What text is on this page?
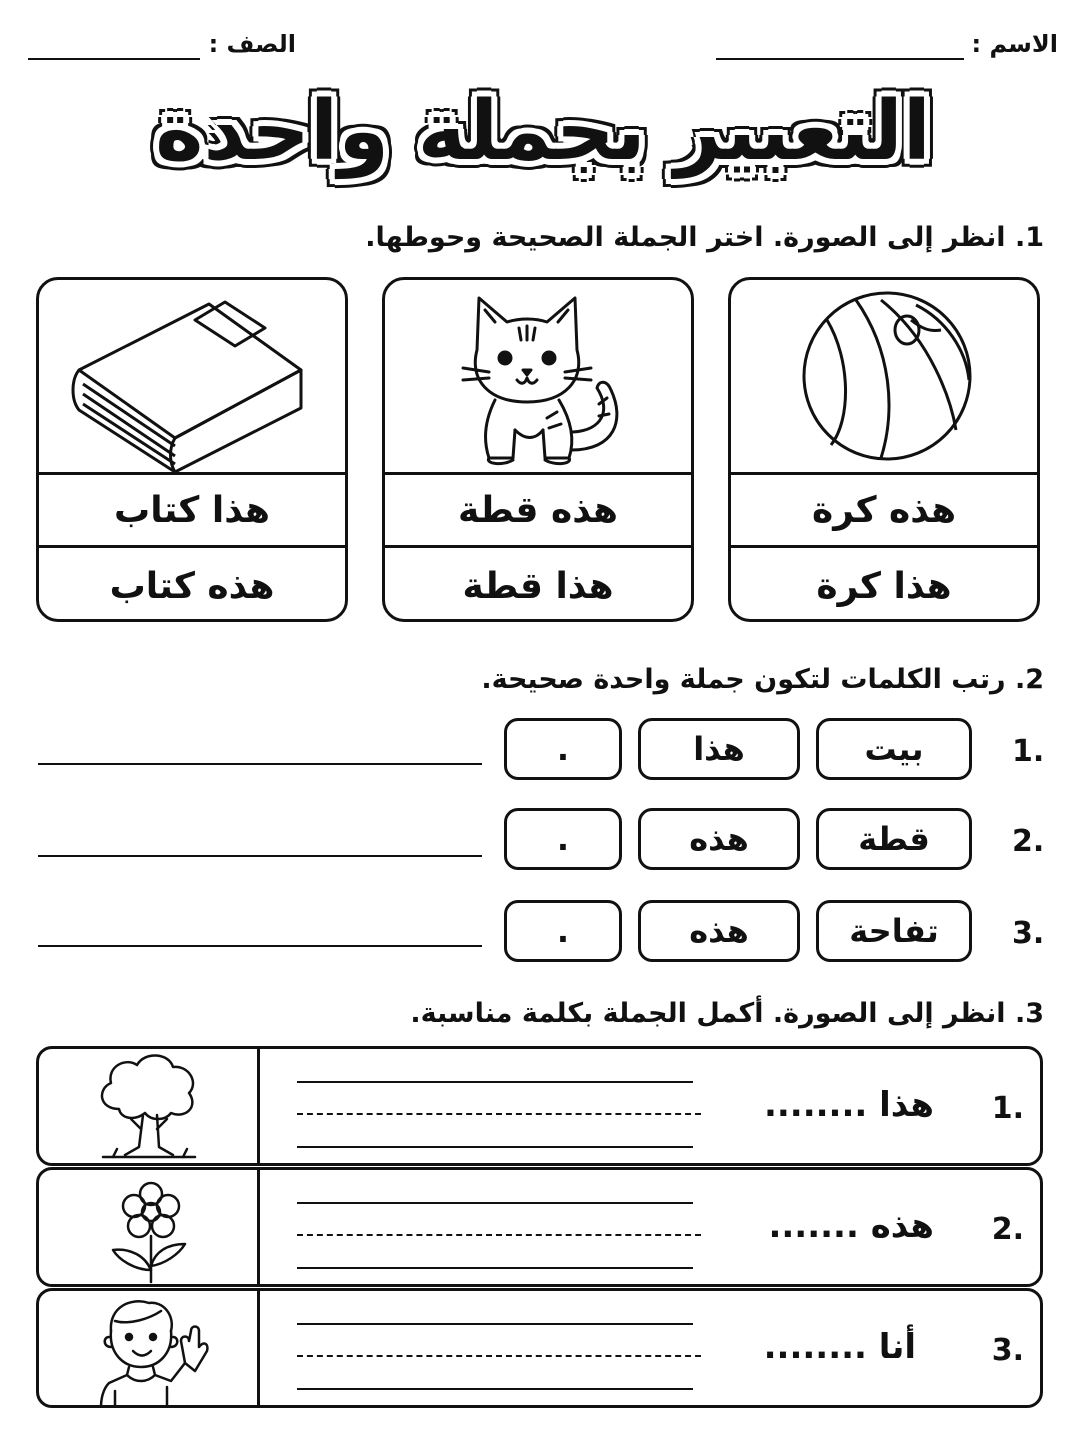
الاسم :
الصف :
التعبير بجملة واحدة
1. انظر إلى الصورة. اختر الجملة الصحيحة وحوطها.
هذه كرة
هذا كرة
هذه قطة
هذا قطة
هذا كتاب
هذه كتاب
2. رتب الكلمات لتكون جملة واحدة صحيحة.
1.
بيت
هذا
.
2.
قطة
هذه
.
3.
تفاحة
هذه
.
3. انظر إلى الصورة. أكمل الجملة بكلمة مناسبة.
هذا ........ 1.
هذه ....... 2.
أنا ........	3.
